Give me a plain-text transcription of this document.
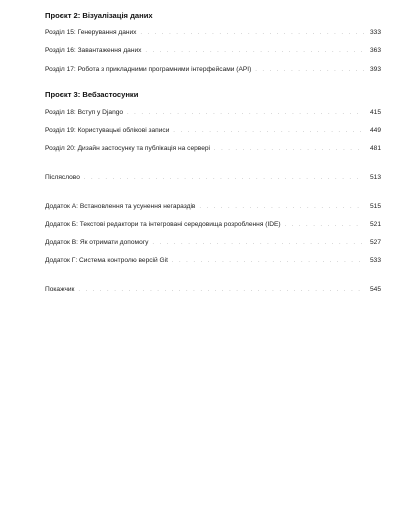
Проєкт 2: Візуалізація даних
Розділ 15: Генерування даних . . .	333
Розділ 16: Завантаження даних . . .	363
Розділ 17: Робота з прикладними програмними інтерфейсами (API) . . .	393
Проєкт 3: Вебзастосунки
Розділ 18: Вступ у Django . . .	415
Розділ 19: Користувацькі облікові записи . . .	449
Розділ 20: Дизайн застосунку та публікація на сервері . . .	481
Післяслово . . .	513
Додаток А: Встановлення та усунення негараздів . . .	515
Додаток Б: Текстові редактори та інтегровані середовища розроблення (IDE) . . .	521
Додаток В: Як отримати допомогу . . .	527
Додаток Г: Система контролю версій Git . . .	533
Покажчик . . .	545
